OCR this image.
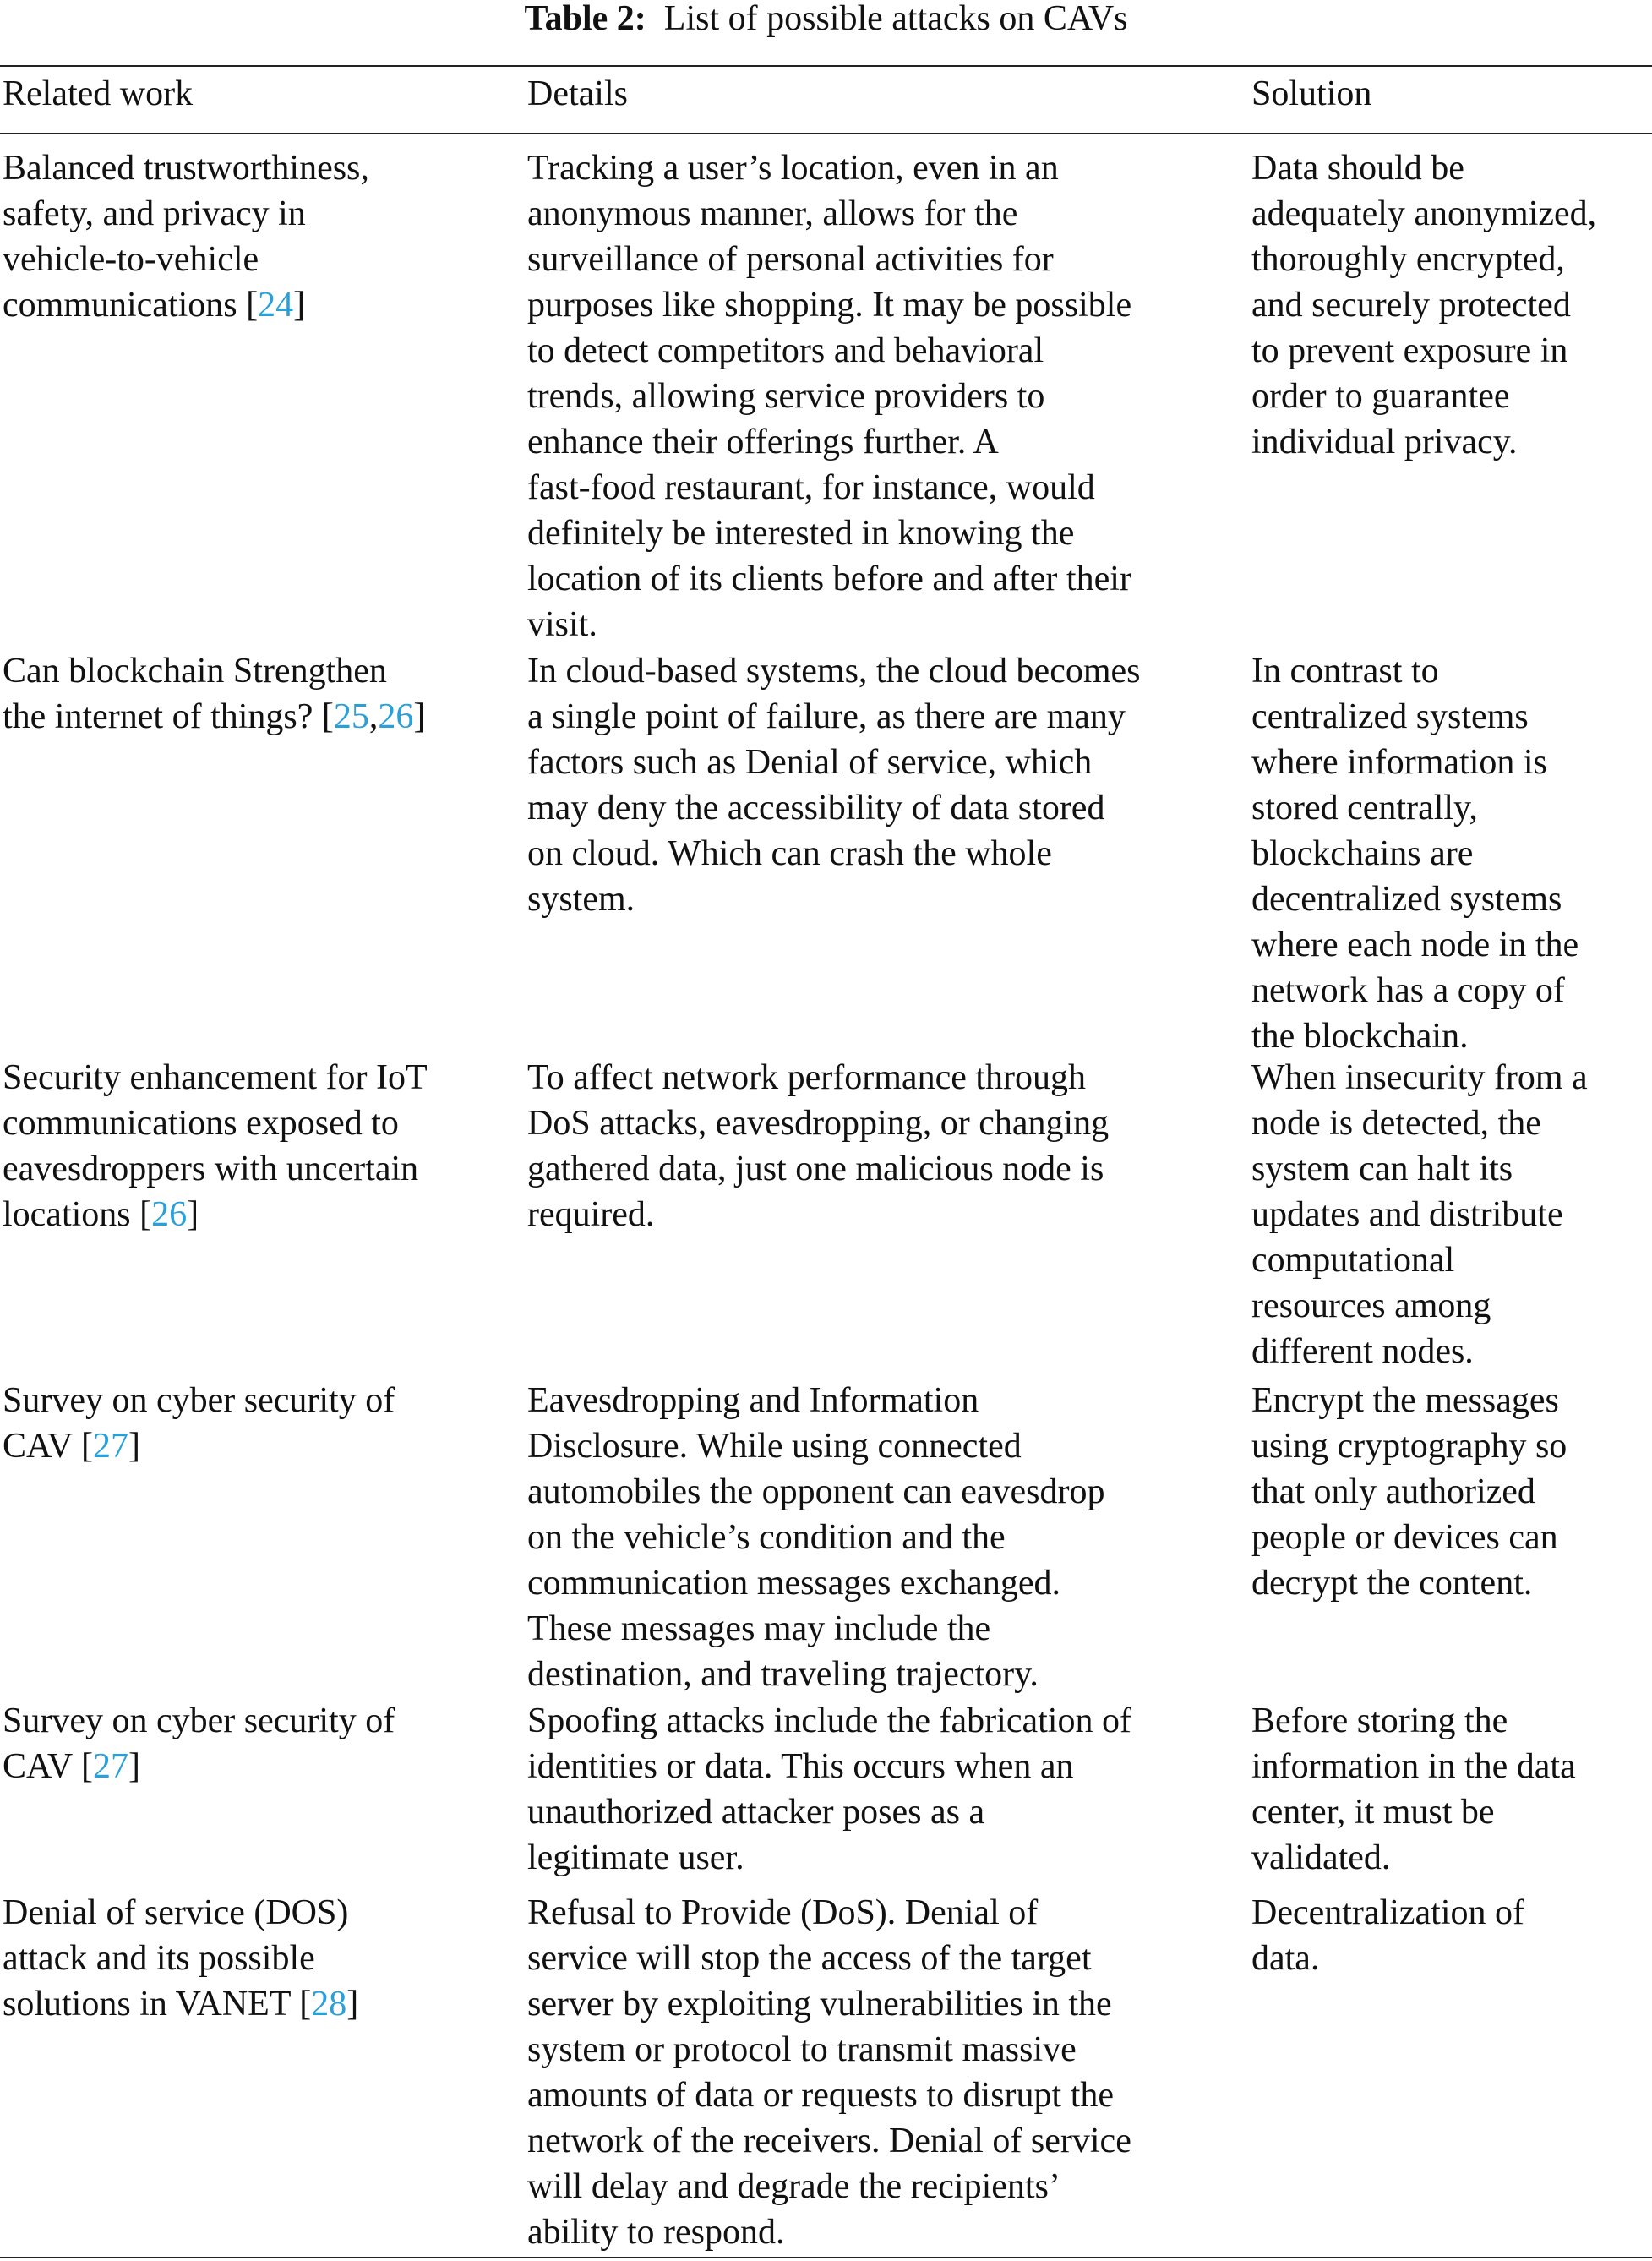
Table 2: List of possible attacks on CAVs
Related work	Details	Solution
Balanced trustworthiness,
safety, and privacy in
vehicle-to-vehicle
communications [24]
Tracking a user’s location, even in an
anonymous manner, allows for the
surveillance of personal activities for
purposes like shopping. It may be possible
to detect competitors and behavioral
trends, allowing service providers to
enhance their offerings further. A
fast-food restaurant, for instance, would
definitely be interested in knowing the
location of its clients before and after their
visit.
Data should be
adequately anonymized,
thoroughly encrypted,
and securely protected
to prevent exposure in
order to guarantee
individual privacy.
Can blockchain Strengthen
the internet of things? [25,26]
In cloud-based systems, the cloud becomes
a single point of failure, as there are many
factors such as Denial of service, which
may deny the accessibility of data stored
on cloud. Which can crash the whole
system.
In contrast to
centralized systems
where information is
stored centrally,
blockchains are
decentralized systems
where each node in the
network has a copy of
the blockchain.
Security enhancement for IoT
communications exposed to
eavesdroppers with uncertain
locations [26]
To affect network performance through
DoS attacks, eavesdropping, or changing
gathered data, just one malicious node is
required.
When insecurity from a
node is detected, the
system can halt its
updates and distribute
computational
resources among
different nodes.
Survey on cyber security of
CAV [27]
Eavesdropping and Information
Disclosure. While using connected
automobiles the opponent can eavesdrop
on the vehicle’s condition and the
communication messages exchanged.
These messages may include the
destination, and traveling trajectory.
Encrypt the messages
using cryptography so
that only authorized
people or devices can
decrypt the content.
Survey on cyber security of
CAV [27]
Spoofing attacks include the fabrication of
identities or data. This occurs when an
unauthorized attacker poses as a
legitimate user.
Before storing the
information in the data
center, it must be
validated.
Denial of service (DOS)
attack and its possible
solutions in VANET [28]
Refusal to Provide (DoS). Denial of
service will stop the access of the target
server by exploiting vulnerabilities in the
system or protocol to transmit massive
amounts of data or requests to disrupt the
network of the receivers. Denial of service
will delay and degrade the recipients’
ability to respond.
Decentralization of
data.
